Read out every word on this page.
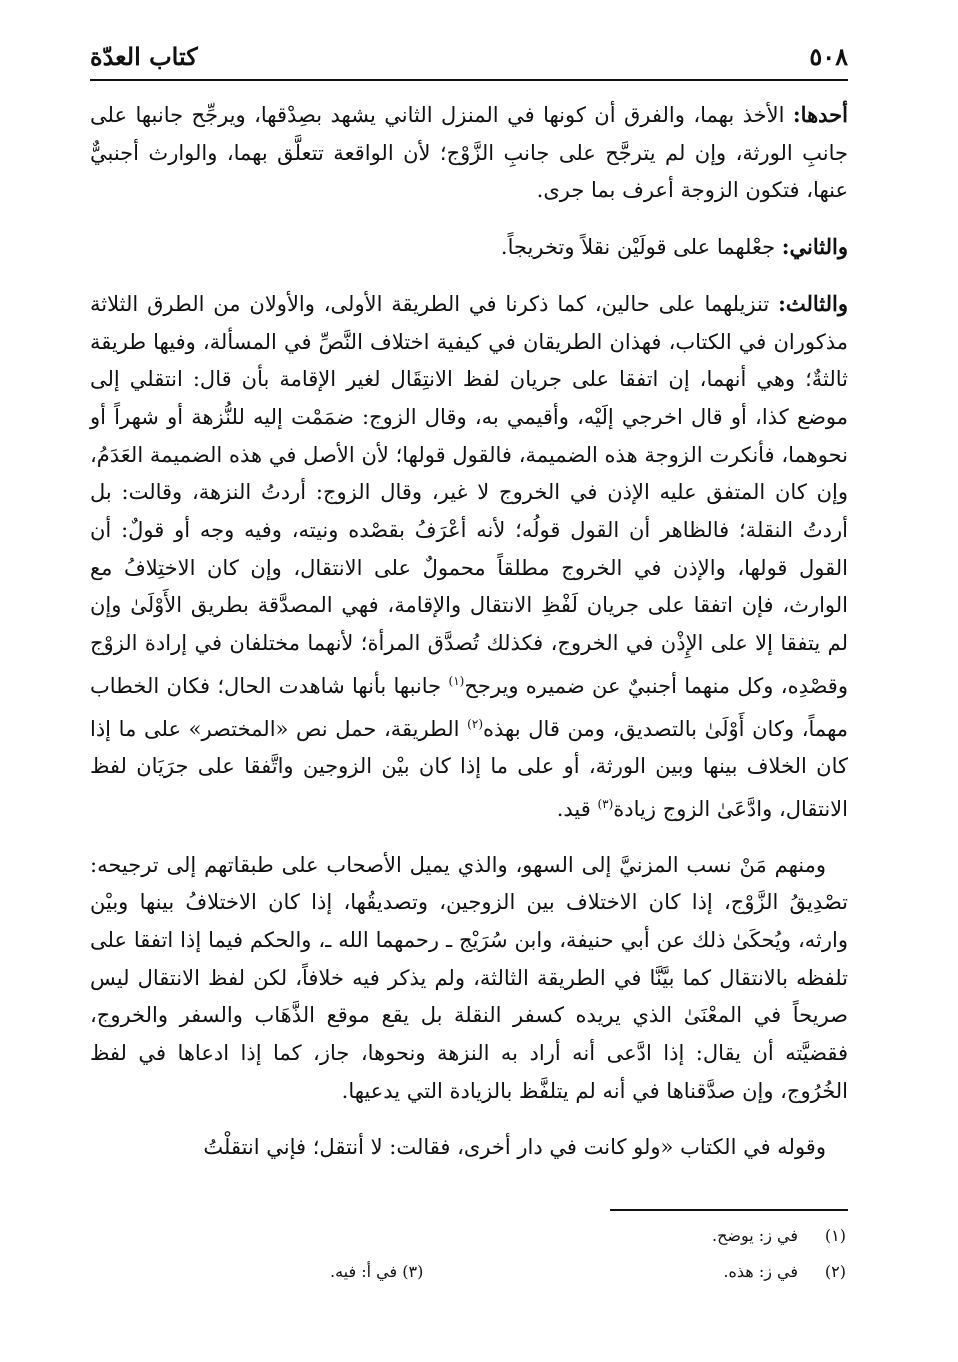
٥٠٨
كتاب العدّة

أحدها: الأخذ بهما، والفرق أن كونها في المنزل الثاني يشهد بصِدْقها، ويرجِّح جانبها على جانبِ الورثة، وإن لم يترجَّح على جانبِ الزَّوْج؛ لأن الواقعة تتعلَّق بهما، والوارث أجنبيٌّ عنها، فتكون الزوجة أعرف بما جرى.

والثاني: جعْلهما على قولَيْن نقلاً وتخريجاً.

والثالث: تنزيلهما على حالين، كما ذكرنا في الطريقة الأولى، والأولان من الطرق الثلاثة مذكوران في الكتاب، فهذان الطريقان في كيفية اختلاف النَّصِّ في المسألة، وفيها طريقة ثالثةٌ؛ وهي أنهما، إن اتفقا على جريان لفظ الانتِقَال لغير الإقامة بأن قال: انتقلي إلى موضع كذا، أو قال اخرجي إلَيْه، وأقيمي به، وقال الزوج: ضمَمْت إليه للنُّزهة أو شهراً أو نحوهما، فأنكرت الزوجة هذه الضميمة، فالقول قولها؛ لأن الأصل في هذه الضميمة العَدَمُ، وإن كان المتفق عليه الإذن في الخروج لا غير، وقال الزوج: أردتُ النزهة، وقالت: بل أردتُ النقلة؛ فالظاهر أن القول قولُه؛ لأنه أعْرَفُ بقصْده ونيته، وفيه وجه أو قولٌ: أن القول قولها، والإذن في الخروج مطلقاً محمولٌ على الانتقال، وإن كان الاختِلافُ مع الوارث، فإن اتفقا على جريان لَفْظِ الانتقال والإقامة، فهي المصدَّقة بطريق الأَوْلَىٰ وإن لم يتفقا إلا على الإِذْن في الخروج، فكذلك تُصدَّق المرأة؛ لأنهما مختلفان في إرادة الزوْج وقصْدِه، وكل منهما أجنبيٌ عن ضميره ويرجح$^{(١)}$ جانبها بأنها شاهدت الحال؛ فكان الخطاب مهماً، وكان أَوْلَىٰ بالتصديق، ومن قال بهذه$^{(٢)}$ الطريقة، حمل نص «المختصر» على ما إذا كان الخلاف بينها وبين الورثة، أو على ما إذا كان بيْن الزوجين واتَّفقا على جرَيَان لفظ الانتقال، وادَّعَىٰ الزوج زيادة$^{(٣)}$ قيد.

ومنهم مَنْ نسب المزنيَّ إلى السهو، والذي يميل الأصحاب على طبقاتهم إلى ترجيحه: تصْدِيقُ الزَّوْج، إذا كان الاختلاف بين الزوجين، وتصديقُها، إذا كان الاختلافُ بينها وبيْن وارثه، ويُحكَىٰ ذلك عن أبي حنيفة، وابن سُرَيْج ـ رحمهما الله ـ، والحكم فيما إذا اتفقا على تلفظه بالانتقال كما بيَّنَّا في الطريقة الثالثة، ولم يذكر فيه خلافاً، لكن لفظ الانتقال ليس صريحاً في المعْنَىٰ الذي يريده كسفر النقلة بل يقع موقع الذَّهَاب والسفر والخروج، فقضيَّته أن يقال: إذا ادَّعى أنه أراد به النزهة ونحوها، جاز، كما إذا ادعاها في لفظ الخُرُوج، وإن صدَّقناها في أنه لم يتلفَّظ بالزيادة التي يدعيها.

وقوله في الكتاب «ولو كانت في دار أخرى، فقالت: لا أنتقل؛ فإني انتقلْتُ

(١)في ز: يوضح.
(٢)في ز: هذه.
(٣) في أ: فيه.
